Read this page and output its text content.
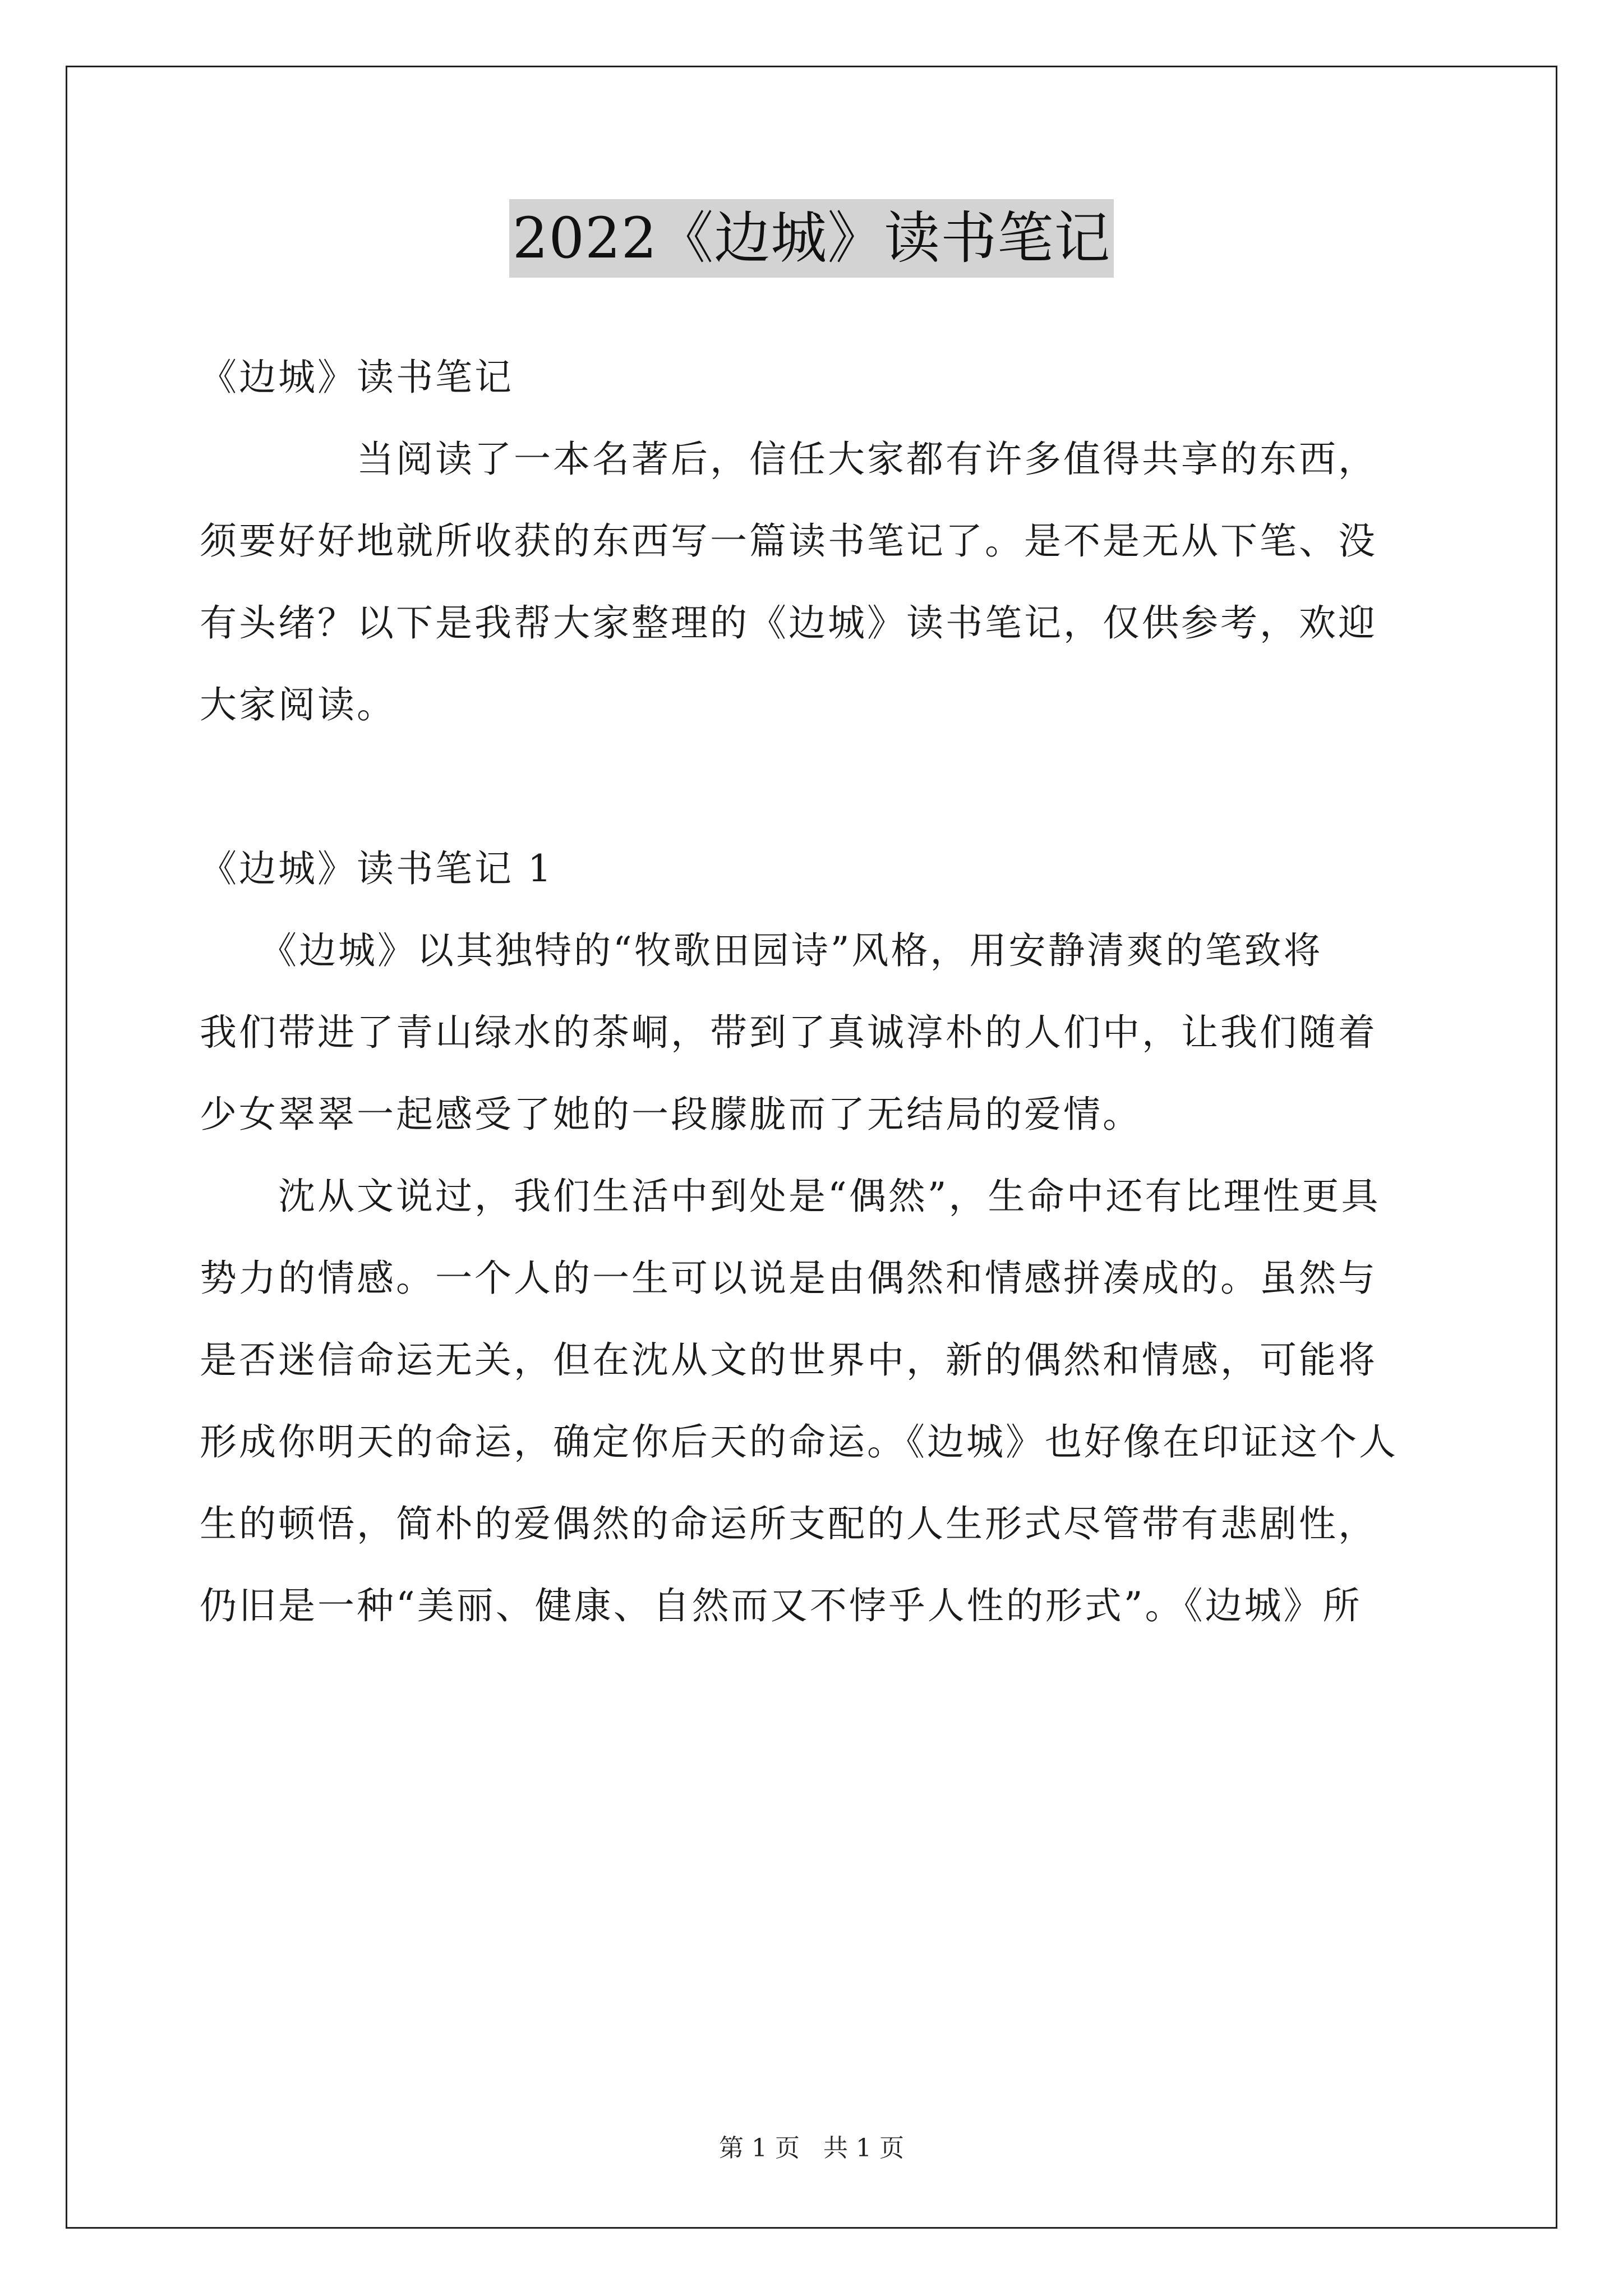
2022《边城》读书笔记
《边城》读书笔记
　　　　当阅读了一本名著后，信任大家都有许多值得共享的东西，
须要好好地就所收获的东西写一篇读书笔记了。是不是无从下笔、没
有头绪？以下是我帮大家整理的《边城》读书笔记，仅供参考，欢迎
大家阅读。
《边城》读书笔记 1
　　《边城》以其独特的“牧歌田园诗”风格，用安静清爽的笔致将
我们带进了青山绿水的茶峒，带到了真诚淳朴的人们中，让我们随着
少女翠翠一起感受了她的一段朦胧而了无结局的爱情。
　　沈从文说过，我们生活中到处是“偶然”，生命中还有比理性更具
势力的情感。一个人的一生可以说是由偶然和情感拼凑成的。虽然与
是否迷信命运无关，但在沈从文的世界中，新的偶然和情感，可能将
形成你明天的命运，确定你后天的命运。《边城》也好像在印证这个人
生的顿悟，简朴的爱偶然的命运所支配的人生形式尽管带有悲剧性，
仍旧是一种“美丽、健康、自然而又不悖乎人性的形式”。《边城》所
第 1 页 共 1 页
